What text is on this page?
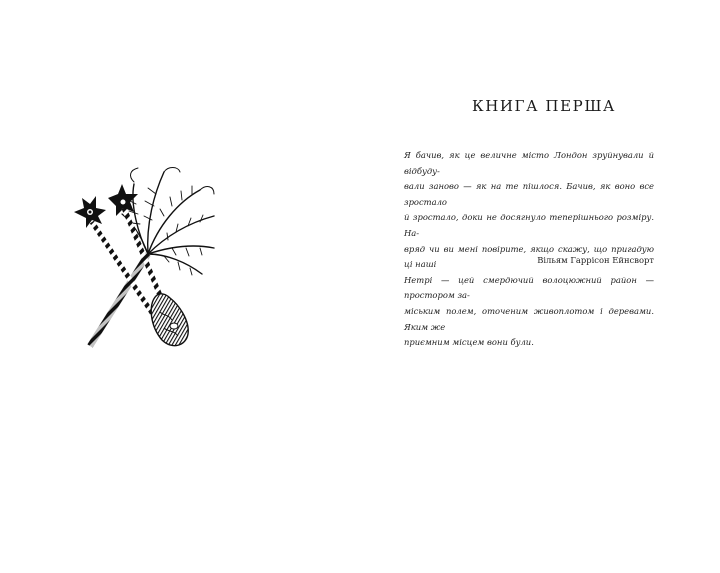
КНИГА ПЕРША

Я бачив, як це величне місто Лондон зруйнували й відбуду-
вали заново — як на те пішлося. Бачив, як воно все зростало
й зростало, доки не досягнуло теперішнього розміру. На-
вряд чи ви мені повірите, якщо скажу, що пригадую ці наші
Нетрі — цей смердючий волоцюжний район — простором за-
міським полем, оточеним живоплотом і деревами. Яким же
приємним місцем вони були.

Вільям Гаррісон Ейнсворт
